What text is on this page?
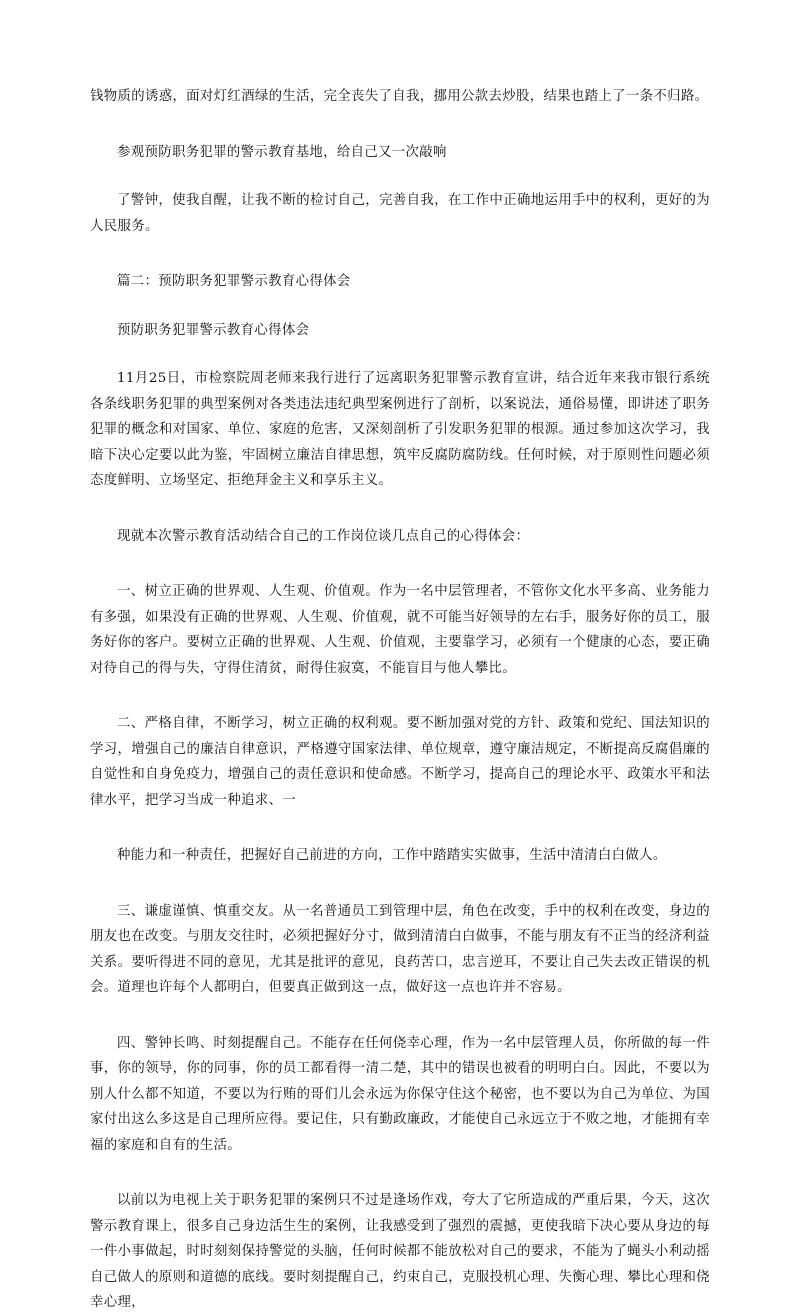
钱物质的诱惑，面对灯红酒绿的生活，完全丧失了自我，挪用公款去炒股，结果也踏上了一条不归路。

参观预防职务犯罪的警示教育基地，给自己又一次敲响

了警钟，使我自醒，让我不断的检讨自己，完善自我，在工作中正确地运用手中的权利，更好的为人民服务。

篇二：预防职务犯罪警示教育心得体会

预防职务犯罪警示教育心得体会

11月25日，市检察院周老师来我行进行了远离职务犯罪警示教育宣讲，结合近年来我市银行系统各条线职务犯罪的典型案例对各类违法违纪典型案例进行了剖析，以案说法，通俗易懂，即讲述了职务犯罪的概念和对国家、单位、家庭的危害，又深刻剖析了引发职务犯罪的根源。通过参加这次学习，我暗下决心定要以此为鉴，牢固树立廉洁自律思想，筑牢反腐防腐防线。任何时候，对于原则性问题必须态度鲜明、立场坚定、拒绝拜金主义和享乐主义。

现就本次警示教育活动结合自己的工作岗位谈几点自己的心得体会：

一、树立正确的世界观、人生观、价值观。作为一名中层管理者，不管你文化水平多高、业务能力有多强，如果没有正确的世界观、人生观、价值观，就不可能当好领导的左右手，服务好你的员工，服务好你的客户。要树立正确的世界观、人生观、价值观，主要靠学习，必须有一个健康的心态，要正确对待自己的得与失，守得住清贫，耐得住寂寞，不能盲目与他人攀比。

二、严格自律，不断学习，树立正确的权利观。要不断加强对党的方针、政策和党纪、国法知识的学习，增强自己的廉洁自律意识，严格遵守国家法律、单位规章，遵守廉洁规定，不断提高反腐倡廉的自觉性和自身免疫力，增强自己的责任意识和使命感。不断学习，提高自己的理论水平、政策水平和法律水平，把学习当成一种追求、一

种能力和一种责任，把握好自己前进的方向，工作中踏踏实实做事，生活中清清白白做人。

三、谦虚谨慎、慎重交友。从一名普通员工到管理中层，角色在改变，手中的权利在改变，身边的朋友也在改变。与朋友交往时，必须把握好分寸，做到清清白白做事，不能与朋友有不正当的经济利益关系。要听得进不同的意见，尤其是批评的意见，良药苦口，忠言逆耳，不要让自己失去改正错误的机会。道理也许每个人都明白，但要真正做到这一点，做好这一点也许并不容易。

四、警钟长鸣、时刻提醒自己。不能存在任何侥幸心理，作为一名中层管理人员，你所做的每一件事，你的领导，你的同事，你的员工都看得一清二楚，其中的错误也被看的明明白白。因此，不要以为别人什么都不知道，不要以为行贿的哥们儿会永远为你保守住这个秘密，也不要以为自己为单位、为国家付出这么多这是自己理所应得。要记住，只有勤政廉政，才能使自己永远立于不败之地，才能拥有幸福的家庭和自有的生活。

以前以为电视上关于职务犯罪的案例只不过是逢场作戏，夸大了它所造成的严重后果，今天，这次警示教育课上，很多自己身边活生生的案例，让我感受到了强烈的震撼，更使我暗下决心要从身边的每一件小事做起，时时刻刻保持警觉的头脑，任何时候都不能放松对自己的要求，不能为了蝇头小利动摇自己做人的原则和道德的底线。要时刻提醒自己，约束自己，克服投机心理、失衡心理、攀比心理和侥幸心理，
